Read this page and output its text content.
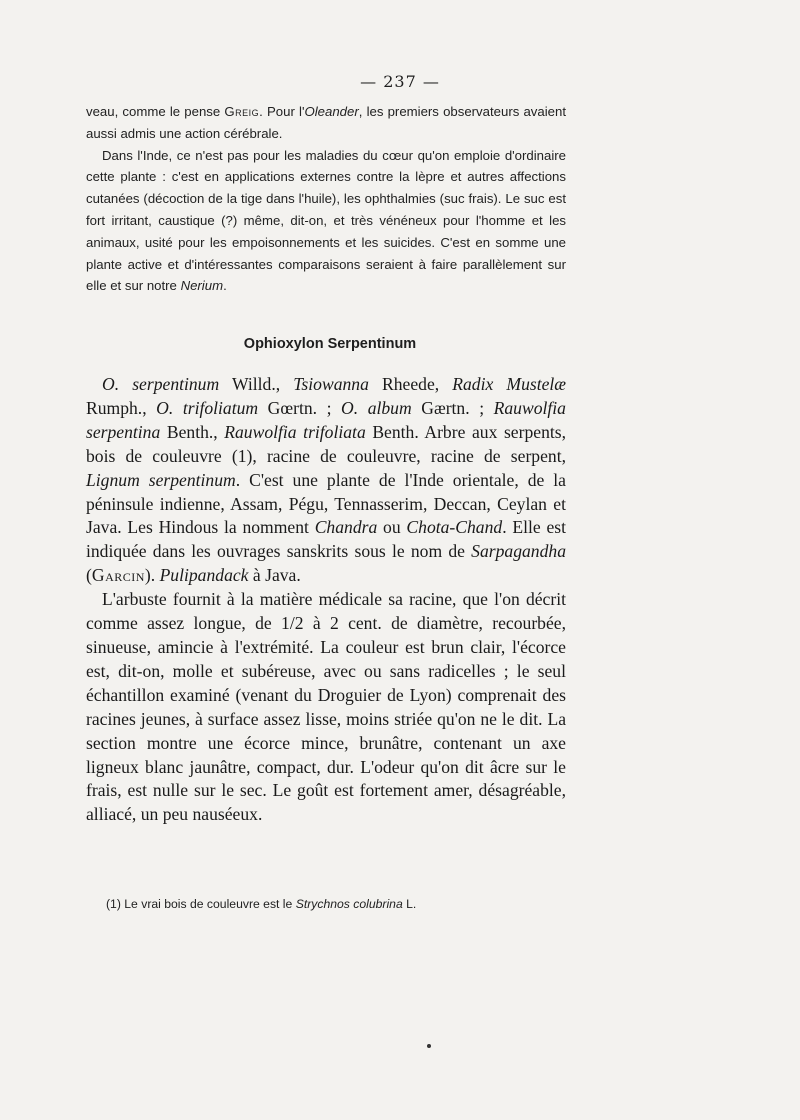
— 237 —

veau, comme le pense Greig. Pour l'Oleander, les premiers observateurs avaient aussi admis une action cérébrale.

Dans l'Inde, ce n'est pas pour les maladies du cœur qu'on emploie d'ordinaire cette plante : c'est en applications externes contre la lèpre et autres affections cutanées (décoction de la tige dans l'huile), les ophthalmies (suc frais). Le suc est fort irritant, caustique (?) même, dit-on, et très vénéneux pour l'homme et les animaux, usité pour les empoisonnements et les suicides. C'est en somme une plante active et d'intéressantes comparaisons seraient à faire parallèlement sur elle et sur notre Nerium.

Ophioxylon Serpentinum

O. serpentinum Willd., Tsiowanna Rheede, Radix Mustelæ Rumph., O. trifoliatum Gœrtn. ; O. album Gærtn. ; Rauwolfia serpentina Benth., Rauwolfia trifoliata Benth. Arbre aux serpents, bois de couleuvre (1), racine de couleuvre, racine de serpent, Lignum serpentinum. C'est une plante de l'Inde orientale, de la péninsule indienne, Assam, Pégu, Tennasserim, Deccan, Ceylan et Java. Les Hindous la nomment Chandra ou Chota-Chand. Elle est indiquée dans les ouvrages sanskrits sous le nom de Sarpagandha (Garcin). Pulipandack à Java.

L'arbuste fournit à la matière médicale sa racine, que l'on décrit comme assez longue, de 1/2 à 2 cent. de diamètre, recourbée, sinueuse, amincie à l'extrémité. La couleur est brun clair, l'écorce est, dit-on, molle et subéreuse, avec ou sans radicelles ; le seul échantillon examiné (venant du Droguier de Lyon) comprenait des racines jeunes, à surface assez lisse, moins striée qu'on ne le dit. La section montre une écorce mince, brunâtre, contenant un axe ligneux blanc jaunâtre, compact, dur. L'odeur qu'on dit âcre sur le frais, est nulle sur le sec. Le goût est fortement amer, désagréable, alliacé, un peu nauséeux.

(1) Le vrai bois de couleuvre est le Strychnos colubrina L.
